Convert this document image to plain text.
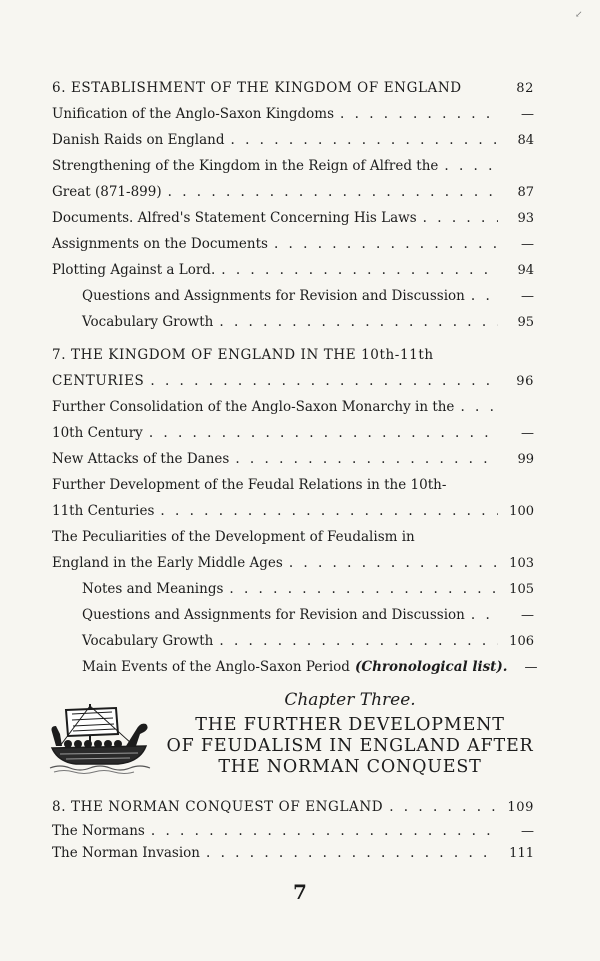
↙
6. ESTABLISHMENT OF THE KINGDOM OF ENGLAND	82
Unification of the Anglo-Saxon Kingdoms . . .	—
Danish Raids on England . . .	84
Strengthening of the Kingdom in the Reign of Alfred the
. . .
Great (871-899) . . .	87
Documents. Alfred's Statement Concerning His Laws . . .	93
Assignments on the Documents . . .	—
Plotting Against a Lord. . . .	94
Questions and Assignments for Revision and Discussion . . .	—
Vocabulary Growth . . .	95
7. THE KINGDOM OF ENGLAND IN THE 10th-11th
CENTURIES . . .	96
Further Consolidation of the Anglo-Saxon Monarchy in the
. . .
10th Century . . .	—
New Attacks of the Danes . . .	99
Further Development of the Feudal Relations in the 10th-
11th Centuries . . .	100
The Peculiarities of the Development of Feudalism in
England in the Early Middle Ages . . .	103
Notes and Meanings . . .	105
Questions and Assignments for Revision and Discussion . . .	—
Vocabulary Growth . . .	106
Main Events of the Anglo-Saxon Period (Chronological list).	—
Chapter Three.
THE FURTHER DEVELOPMENT
OF FEUDALISM IN ENGLAND AFTER
THE NORMAN CONQUEST
8. THE NORMAN CONQUEST OF ENGLAND . . .	109
The Normans . . .	—
The Norman Invasion . . .	111
7
